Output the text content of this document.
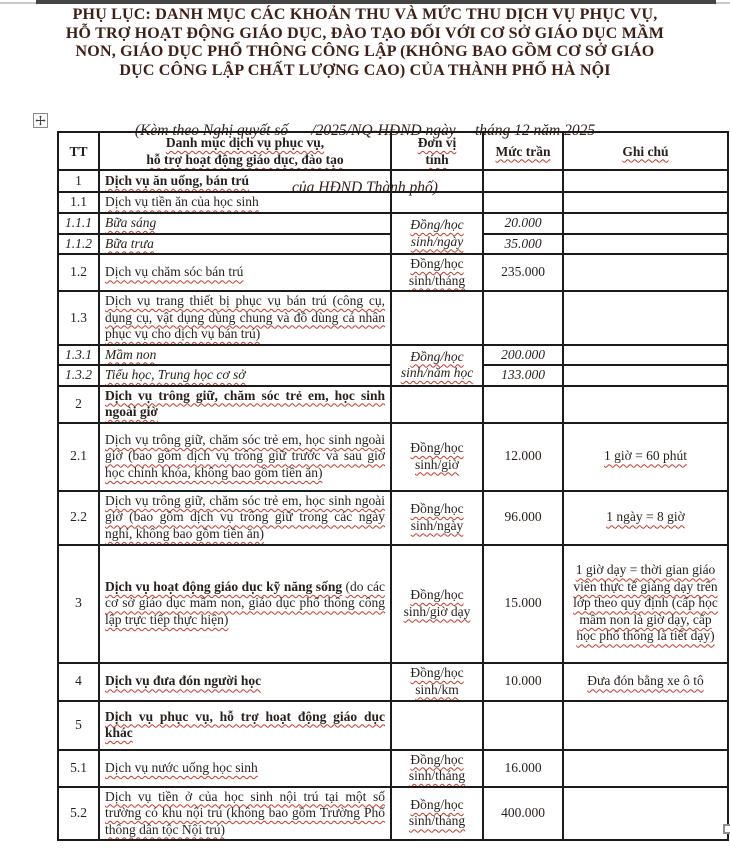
PHỤ LỤC: DANH MỤC CÁC KHOẢN THU VÀ MỨC THU DỊCH VỤ PHỤC VỤ,
HỖ TRỢ HOẠT ĐỘNG GIÁO DỤC, ĐÀO TẠO ĐỐI VỚI CƠ SỞ GIÁO DỤC MẦM
NON, GIÁO DỤC PHỔ THÔNG CÔNG LẬP (KHÔNG BAO GỒM CƠ SỞ GIÁO
DỤC CÔNG LẬP CHẤT LƯỢNG CAO) CỦA THÀNH PHỐ HÀ NỘI

(Kèm theo Nghị quyết số      /2025/NQ-HĐND ngày     tháng 12 năm 2025

của HĐND Thành phố)

TT	Danh mục dịch vụ phục vụ,
hỗ trợ hoạt động giáo dục, đào tạo	Đơn vị
tính	Mức trần	Ghi chú
1	Dịch vụ ăn uống, bán trú			
1.1	Dịch vụ tiền ăn của học sinh			
1.1.1	Bữa sáng	Đồng/học sinh/ngày	20.000	
1.1.2	Bữa trưa		35.000	
1.2	Dịch vụ chăm sóc bán trú	Đồng/học sinh/tháng	235.000	
1.3	Dịch vụ trang thiết bị phục vụ bán trú (công cụ, dụng cụ, vật dụng dùng chung và đồ dùng cá nhân phục vụ cho dịch vụ bán trú)			
1.3.1	Mầm non	Đồng/học sinh/năm học	200.000	
1.3.2	Tiểu học, Trung học cơ sở		133.000	
2	Dịch vụ trông giữ, chăm sóc trẻ em, học sinh ngoài giờ			
2.1	Dịch vụ trông giữ, chăm sóc trẻ em, học sinh ngoài giờ (bao gồm dịch vụ trông giữ trước và sau giờ học chính khóa, không bao gồm tiền ăn)	Đồng/học sinh/giờ	12.000	1 giờ = 60 phút
2.2	Dịch vụ trông giữ, chăm sóc trẻ em, học sinh ngoài giờ (bao gồm dịch vụ trông giữ trong các ngày nghỉ, không bao gồm tiền ăn)	Đồng/học sinh/ngày	96.000	1 ngày = 8 giờ
3	Dịch vụ hoạt động giáo dục kỹ năng sống (do các cơ sở giáo dục mầm non, giáo dục phổ thông công lập trực tiếp thực hiện)	Đồng/học sinh/giờ dạy	15.000	1 giờ dạy = thời gian giáo viên thực tế giảng dạy trên lớp theo quy định (cấp học mầm non là giờ dạy, cấp học phổ thông là tiết dạy)
4	Dịch vụ đưa đón người học	Đồng/học sinh/km	10.000	Đưa đón bằng xe ô tô
5	Dịch vụ phục vụ, hỗ trợ hoạt động giáo dục khác			
5.1	Dịch vụ nước uống học sinh	Đồng/học sinh/tháng	16.000	
5.2	Dịch vụ tiền ở của học sinh nội trú tại một số trường có khu nội trú (không bao gồm Trường Phổ thông dân tộc Nội trú)	Đồng/học sinh/tháng	400.000	
